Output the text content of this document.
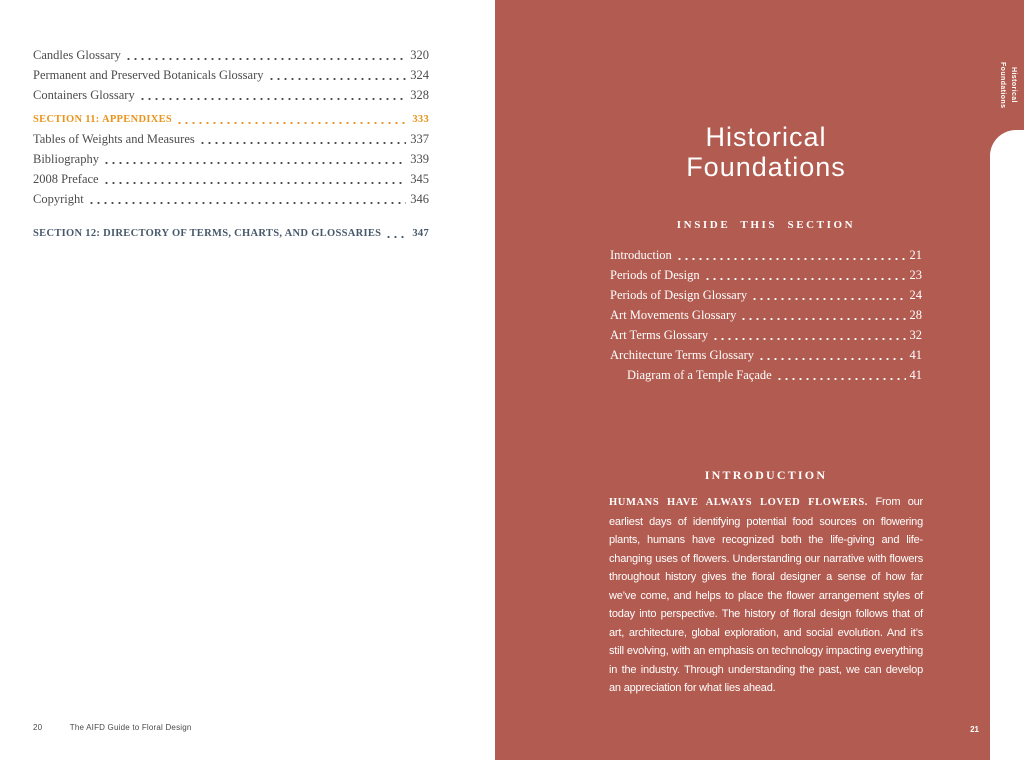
Candles Glossary	320
Permanent and Preserved Botanicals Glossary	324
Containers Glossary	328
SECTION 11: APPENDIXES	333
Tables of Weights and Measures	337
Bibliography	339
2008 Preface	345
Copyright	346
SECTION 12: DIRECTORY OF TERMS, CHARTS, AND GLOSSARIES	347
20	The AIFD Guide to Floral Design
Historical
Foundations
Historical
Foundations
INSIDE THIS SECTION
Introduction	21
Periods of Design	23
Periods of Design Glossary	24
Art Movements Glossary	28
Art Terms Glossary	32
Architecture Terms Glossary	41
Diagram of a Temple Façade	41
INTRODUCTION

HUMANS HAVE ALWAYS LOVED FLOWERS. From our earliest days of identifying potential food sources on flowering plants, humans have recognized both the life-giving and life-changing uses of flowers. Understanding our narrative with flowers throughout history gives the floral designer a sense of how far we’ve come, and helps to place the flower arrangement styles of today into perspective. The history of floral design follows that of art, architecture, global exploration, and social evolution. And it’s still evolving, with an emphasis on technology impacting everything in the industry. Through understanding the past, we can develop an appreciation for what lies ahead.

21
